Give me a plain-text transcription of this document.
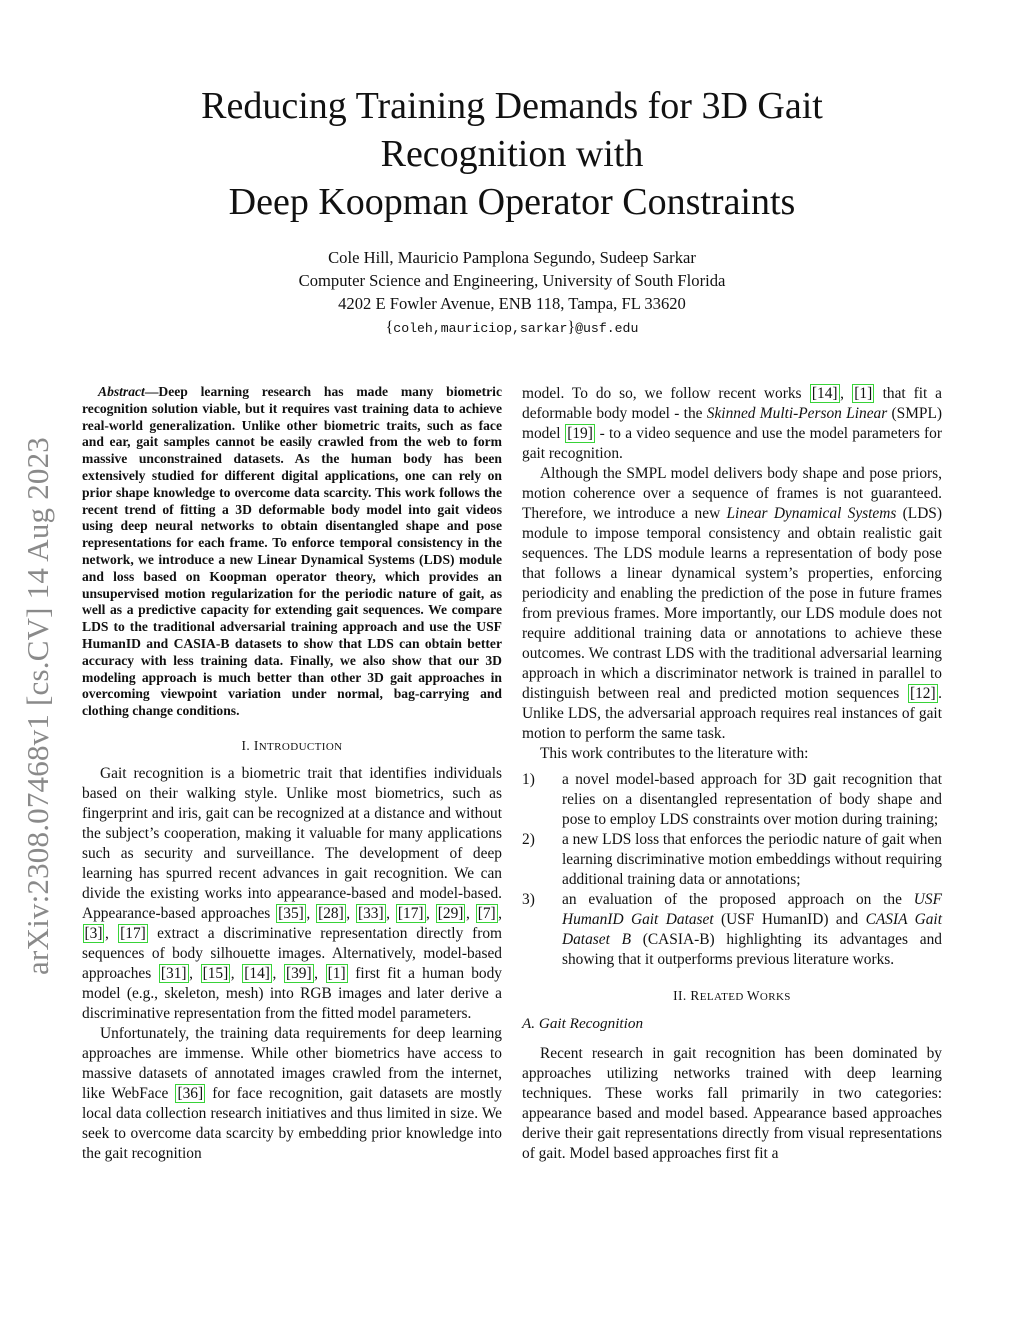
arXiv:2308.07468v1 [cs.CV] 14 Aug 2023
Reducing Training Demands for 3D Gait
Recognition with
Deep Koopman Operator Constraints
Cole Hill, Mauricio Pamplona Segundo, Sudeep Sarkar
Computer Science and Engineering, University of South Florida
4202 E Fowler Avenue, ENB 118, Tampa, FL 33620
{coleh,mauriciop,sarkar}@usf.edu

Abstract—Deep learning research has made many biometric recognition solution viable, but it requires vast training data to achieve real-world generalization. Unlike other biometric traits, such as face and ear, gait samples cannot be easily crawled from the web to form massive unconstrained datasets. As the human body has been extensively studied for different digital applications, one can rely on prior shape knowledge to overcome data scarcity. This work follows the recent trend of fitting a 3D deformable body model into gait videos using deep neural networks to obtain disentangled shape and pose representations for each frame. To enforce temporal consistency in the network, we introduce a new Linear Dynamical Systems (LDS) module and loss based on Koopman operator theory, which provides an unsupervised motion regularization for the periodic nature of gait, as well as a predictive capacity for extending gait sequences. We compare LDS to the traditional adversarial training approach and use the USF HumanID and CASIA-B datasets to show that LDS can obtain better accuracy with less training data. Finally, we also show that our 3D modeling approach is much better than other 3D gait approaches in overcoming viewpoint variation under normal, bag-carrying and clothing change conditions.

I. INTRODUCTION

Gait recognition is a biometric trait that identifies individuals based on their walking style. Unlike most biometrics, such as fingerprint and iris, gait can be recognized at a distance and without the subject’s cooperation, making it valuable for many applications such as security and surveillance. The development of deep learning has spurred recent advances in gait recognition. We can divide the existing works into appearance-based and model-based. Appearance-based approaches [35] , [28] , [33] , [17] , [29] , [7] , [3] , [17] extract a discriminative representation directly from sequences of body silhouette images. Alternatively, model-based approaches [31] , [15] , [14] , [39] , [1] first fit a human body model (e.g., skeleton, mesh) into RGB images and later derive a discriminative representation from the fitted model parameters.

Unfortunately, the training data requirements for deep learning approaches are immense. While other biometrics have access to massive datasets of annotated images crawled from the internet, like WebFace [36] for face recognition, gait datasets are mostly local data collection research initiatives and thus limited in size. We seek to overcome data scarcity by embedding prior knowledge into the gait recognition

model. To do so, we follow recent works [14] , [1] that fit a deformable body model - the Skinned Multi-Person Linear (SMPL) model [19] - to a video sequence and use the model parameters for gait recognition.

Although the SMPL model delivers body shape and pose priors, motion coherence over a sequence of frames is not guaranteed. Therefore, we introduce a new Linear Dynamical Systems (LDS) module to impose temporal consistency and obtain realistic gait sequences. The LDS module learns a representation of body pose that follows a linear dynamical system’s properties, enforcing periodicity and enabling the prediction of the pose in future frames from previous frames. More importantly, our LDS module does not require additional training data or annotations to achieve these outcomes. We contrast LDS with the traditional adversarial learning approach in which a discriminator network is trained in parallel to distinguish between real and predicted motion sequences [12] . Unlike LDS, the adversarial approach requires real instances of gait motion to perform the same task.

This work contributes to the literature with:

1) a novel model-based approach for 3D gait recognition that relies on a disentangled representation of body shape and pose to employ LDS constraints over motion during training;
2) a new LDS loss that enforces the periodic nature of gait when learning discriminative motion embeddings without requiring additional training data or annotations;
3) an evaluation of the proposed approach on the USF HumanID Gait Dataset (USF HumanID) and CASIA Gait Dataset B (CASIA-B) highlighting its advantages and showing that it outperforms previous literature works.
II. RELATED WORKS
A. Gait Recognition

Recent research in gait recognition has been dominated by approaches utilizing networks trained with deep learning techniques. These works fall primarily in two categories: appearance based and model based. Appearance based approaches derive their gait representations directly from visual representations of gait. Model based approaches first fit a
